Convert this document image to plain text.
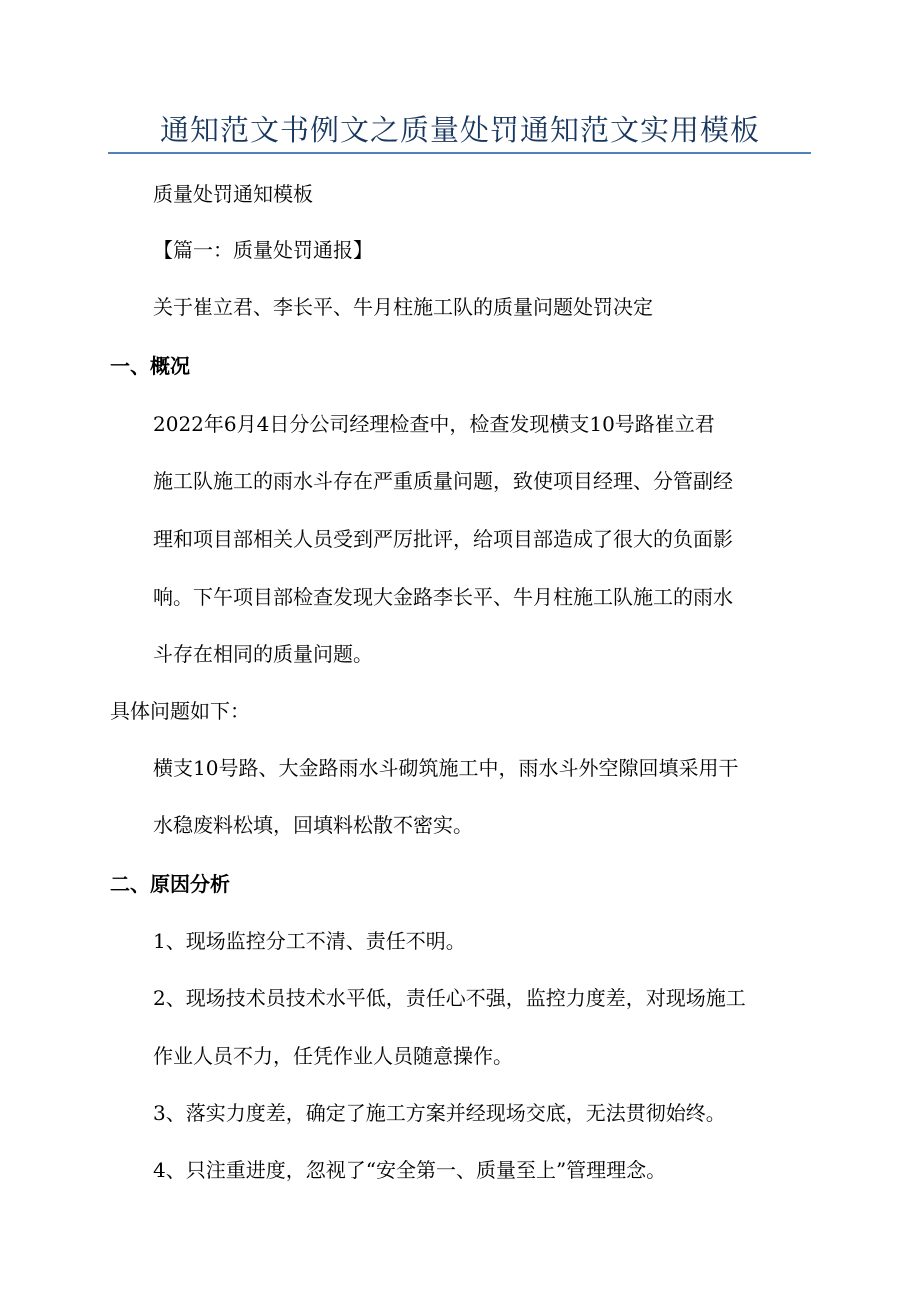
通知范文书例文之质量处罚通知范文实用模板
质量处罚通知模板
【篇一：质量处罚通报】
关于崔立君、李长平、牛月柱施工队的质量问题处罚决定
一、概况
2022年6月4日分公司经理检查中，检查发现横支10号路崔立君
施工队施工的雨水斗存在严重质量问题，致使项目经理、分管副经
理和项目部相关人员受到严厉批评，给项目部造成了很大的负面影
响。下午项目部检查发现大金路李长平、牛月柱施工队施工的雨水
斗存在相同的质量问题。
具体问题如下：
横支10号路、大金路雨水斗砌筑施工中，雨水斗外空隙回填采用干
水稳废料松填，回填料松散不密实。
二、原因分析
1、现场监控分工不清、责任不明。
2、现场技术员技术水平低，责任心不强，监控力度差，对现场施工
作业人员不力，任凭作业人员随意操作。
3、落实力度差，确定了施工方案并经现场交底，无法贯彻始终。
4、只注重进度，忽视了“安全第一、质量至上”管理理念。
